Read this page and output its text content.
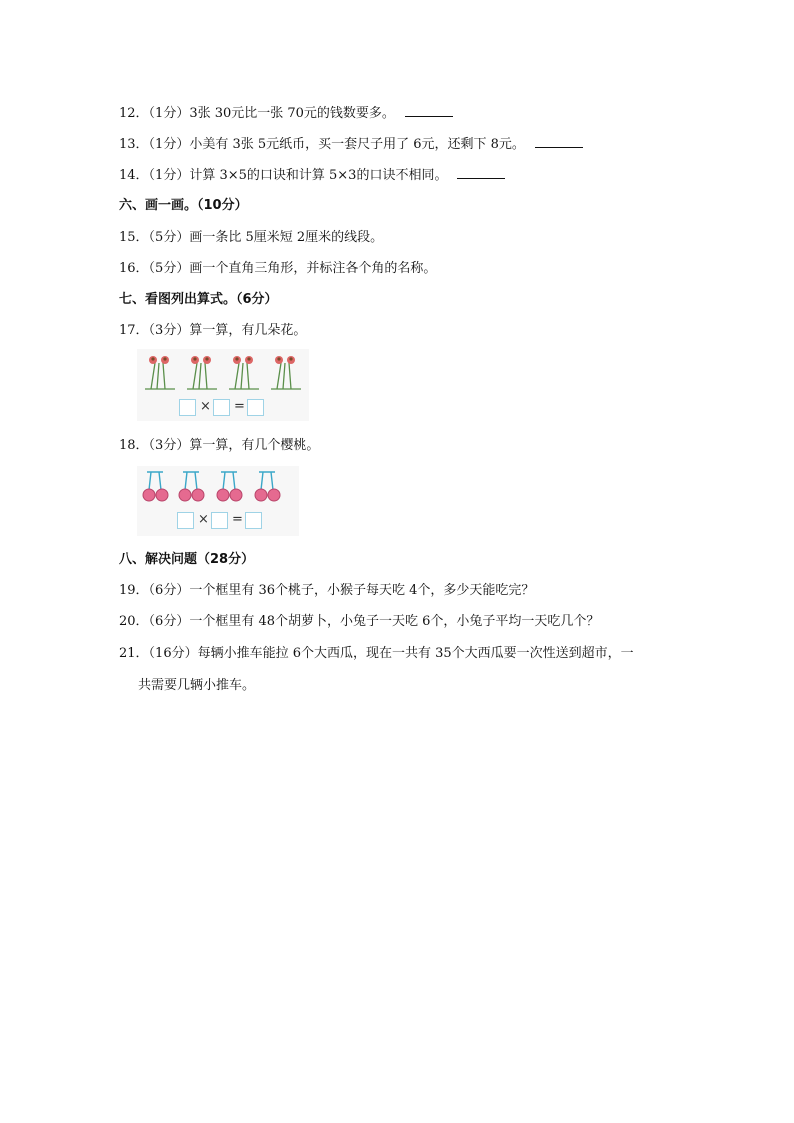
12．（1分）3张 30元比一张 70元的钱数要多。
13．（1分）小美有 3张 5元纸币，买一套尺子用了 6元，还剩下 8元。
14．（1分）计算 3×5的口诀和计算 5×3的口诀不相同。
六、画一画。（10分）
15．（5分）画一条比 5厘米短 2厘米的线段。
16．（5分）画一个直角三角形，并标注各个角的名称。
七、看图列出算式。（6分）
17．（3分）算一算，有几朵花。
× =
18．（3分）算一算，有几个樱桃。
× =
八、解决问题（28分）
19．（6分）一个框里有 36个桃子，小猴子每天吃 4个，多少天能吃完？
20．（6分）一个框里有 48个胡萝卜，小兔子一天吃 6个，小兔子平均一天吃几个？
21．（16分）每辆小推车能拉 6个大西瓜，现在一共有 35个大西瓜要一次性送到超市，一
共需要几辆小推车。
